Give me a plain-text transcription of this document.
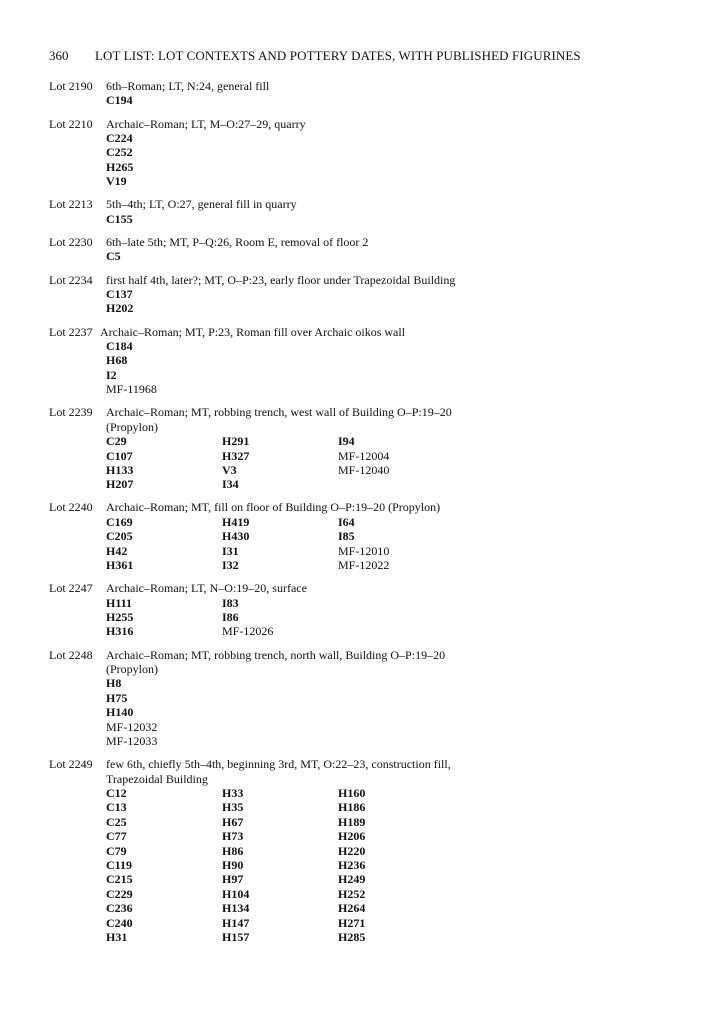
360 LOT LIST: LOT CONTEXTS AND POTTERY DATES, WITH PUBLISHED FIGURINES
Lot 2190	6th–Roman; LT, N:24, general fill
C194
Lot 2210	Archaic–Roman; LT, M–O:27–29, quarry
C224
C252
H265
V19
Lot 2213	5th–4th; LT, O:27, general fill in quarry
C155
Lot 2230	6th–late 5th; MT, P–Q:26, Room E, removal of floor 2
C5
Lot 2234	first half 4th, later?; MT, O–P:23, early floor under Trapezoidal Building
C137
H202
Lot 2237 Archaic–Roman; MT, P:23, Roman fill over Archaic oikos wall
C184
H68
I2
MF-11968
Lot 2239	Archaic–Roman; MT, robbing trench, west wall of Building O–P:19–20
(Propylon)
C29	H291	I94
C107	H327	MF-12004
H133	V3	MF-12040
H207	I34
Lot 2240	Archaic–Roman; MT, fill on floor of Building O–P:19–20 (Propylon)
C169	H419	I64
C205	H430	I85
H42	I31	MF-12010
H361	I32	MF-12022
Lot 2247	Archaic–Roman; LT, N–O:19–20, surface
H111	I83
H255	I86
H316	MF-12026
Lot 2248	Archaic–Roman; MT, robbing trench, north wall, Building O–P:19–20
(Propylon)
H8
H75
H140
MF-12032
MF-12033
Lot 2249	few 6th, chiefly 5th–4th, beginning 3rd, MT, O:22–23, construction fill,
Trapezoidal Building
C12	H33	H160
C13	H35	H186
C25	H67	H189
C77	H73	H206
C79	H86	H220
C119	H90	H236
C215	H97	H249
C229	H104	H252
C236	H134	H264
C240	H147	H271
H31	H157	H285
